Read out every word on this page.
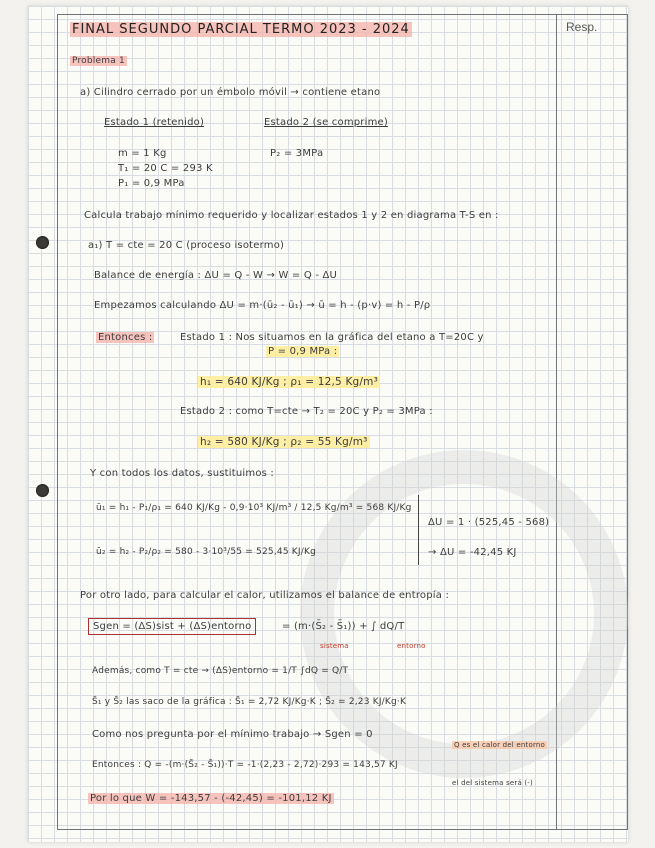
Resp.
FINAL SEGUNDO PARCIAL TERMO 2023 - 2024
Problema 1
a) Cilindro cerrado por un émbolo móvil → contiene etano
Estado 1 (retenido)	Estado 2 (se comprime)
m = 1 Kg
T₁ = 20 C = 293 K
P₁ = 0,9 MPa
P₂ = 3MPa
Calcula trabajo mínimo requerido y localizar estados 1 y 2 en diagrama T-S en :
a₁) T = cte = 20 C (proceso isotermo)
Balance de energía : ΔU = Q - W → W = Q - ΔU
Empezamos calculando ΔU = m·(ū₂ - ū₁) → ū = h - (p·v) = h - P/ρ
Entonces :	Estado 1 : Nos situamos en la gráfica del etano a T=20C y
P = 0,9 MPa :
h₁ = 640 KJ/Kg ; ρ₁ = 12,5 Kg/m³
Estado 2 : como T=cte → T₂ = 20C y P₂ = 3MPa :
h₂ = 580 KJ/Kg ; ρ₂ = 55 Kg/m³
Y con todos los datos, sustituimos :
ū₁ = h₁ - P₁/ρ₁ = 640 KJ/Kg - 0,9·10³ KJ/m³ / 12,5 Kg/m³ = 568 KJ/Kg
ū₂ = h₂ - P₂/ρ₂ = 580 - 3·10³/55 = 525,45 KJ/Kg
ΔU = 1 · (525,45 - 568)
→ ΔU = -42,45 KJ
Por otro lado, para calcular el calor, utilizamos el balance de entropía :
Sgen = (ΔS)sist + (ΔS)entorno	= (m·(S̄₂ - S̄₁)) + ∫ dQ/T
sistema	entorno
Además, como T = cte → (ΔS)entorno = 1/T ∫dQ = Q/T
S̄₁ y S̄₂ las saco de la gráfica : S̄₁ = 2,72 KJ/Kg·K ; S̄₂ = 2,23 KJ/Kg·K
Como nos pregunta por el mínimo trabajo → Sgen = 0
Q es el calor del entorno
Entonces : Q = -(m·(S̄₂ - S̄₁))·T = -1·(2,23 - 2,72)·293 = 143,57 KJ
el del sistema será (-)
Por lo que W = -143,57 - (-42,45) = -101,12 KJ
